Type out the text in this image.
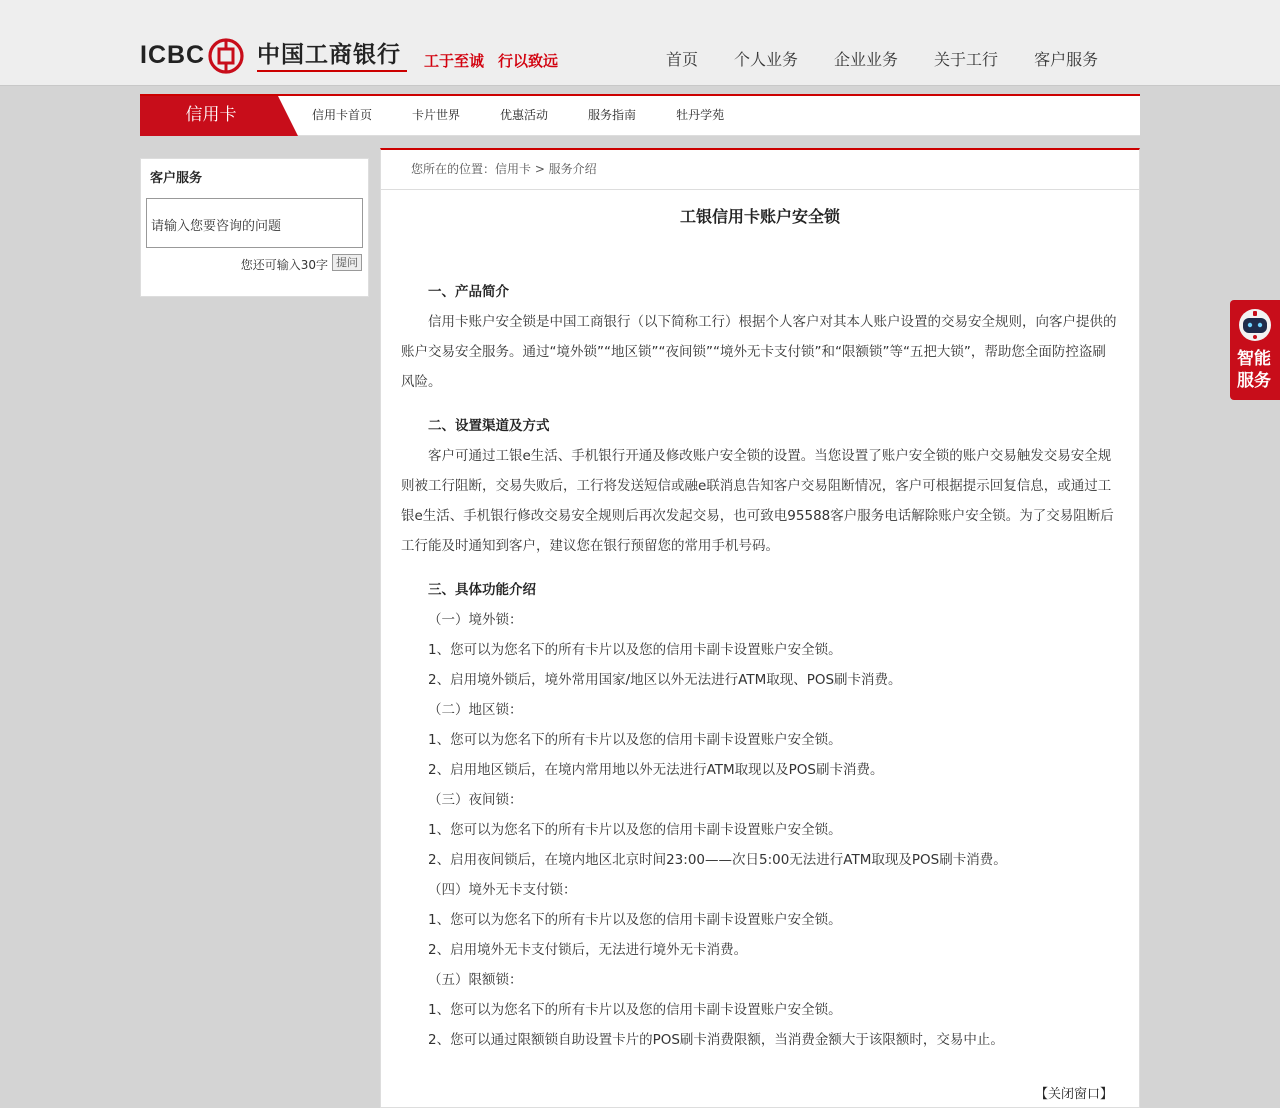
ICBC 中国工商银行 工于至诚 行以致远	首页	个人业务	企业业务	关于工行	客户服务
信用卡	信用卡首页	卡片世界	优惠活动	服务指南	牡丹学苑
客户服务
请输入您要咨询的问题
您还可输入30字 提问
您所在的位置：信用卡 > 服务介绍
工银信用卡账户安全锁
一、产品简介

信用卡账户安全锁是中国工商银行（以下简称工行）根据个人客户对其本人账户设置的交易安全规则，向客户提供的账户交易安全服务。通过“境外锁”“地区锁”“夜间锁”“境外无卡支付锁”和“限额锁”等“五把大锁”，帮助您全面防控盗刷风险。

二、设置渠道及方式

客户可通过工银e生活、手机银行开通及修改账户安全锁的设置。当您设置了账户安全锁的账户交易触发交易安全规则被工行阻断，交易失败后，工行将发送短信或融e联消息告知客户交易阻断情况，客户可根据提示回复信息，或通过工银e生活、手机银行修改交易安全规则后再次发起交易，也可致电95588客户服务电话解除账户安全锁。为了交易阻断后工行能及时通知到客户，建议您在银行预留您的常用手机号码。

三、具体功能介绍

（一）境外锁：

1、您可以为您名下的所有卡片以及您的信用卡副卡设置账户安全锁。

2、启用境外锁后，境外常用国家/地区以外无法进行ATM取现、POS刷卡消费。

（二）地区锁：

1、您可以为您名下的所有卡片以及您的信用卡副卡设置账户安全锁。

2、启用地区锁后，在境内常用地以外无法进行ATM取现以及POS刷卡消费。

（三）夜间锁：

1、您可以为您名下的所有卡片以及您的信用卡副卡设置账户安全锁。

2、启用夜间锁后，在境内地区北京时间23:00——次日5:00无法进行ATM取现及POS刷卡消费。

（四）境外无卡支付锁：

1、您可以为您名下的所有卡片以及您的信用卡副卡设置账户安全锁。

2、启用境外无卡支付锁后，无法进行境外无卡消费。

（五）限额锁：

1、您可以为您名下的所有卡片以及您的信用卡副卡设置账户安全锁。

2、您可以通过限额锁自助设置卡片的POS刷卡消费限额，当消费金额大于该限额时，交易中止。

【关闭窗口】
智能
服务
